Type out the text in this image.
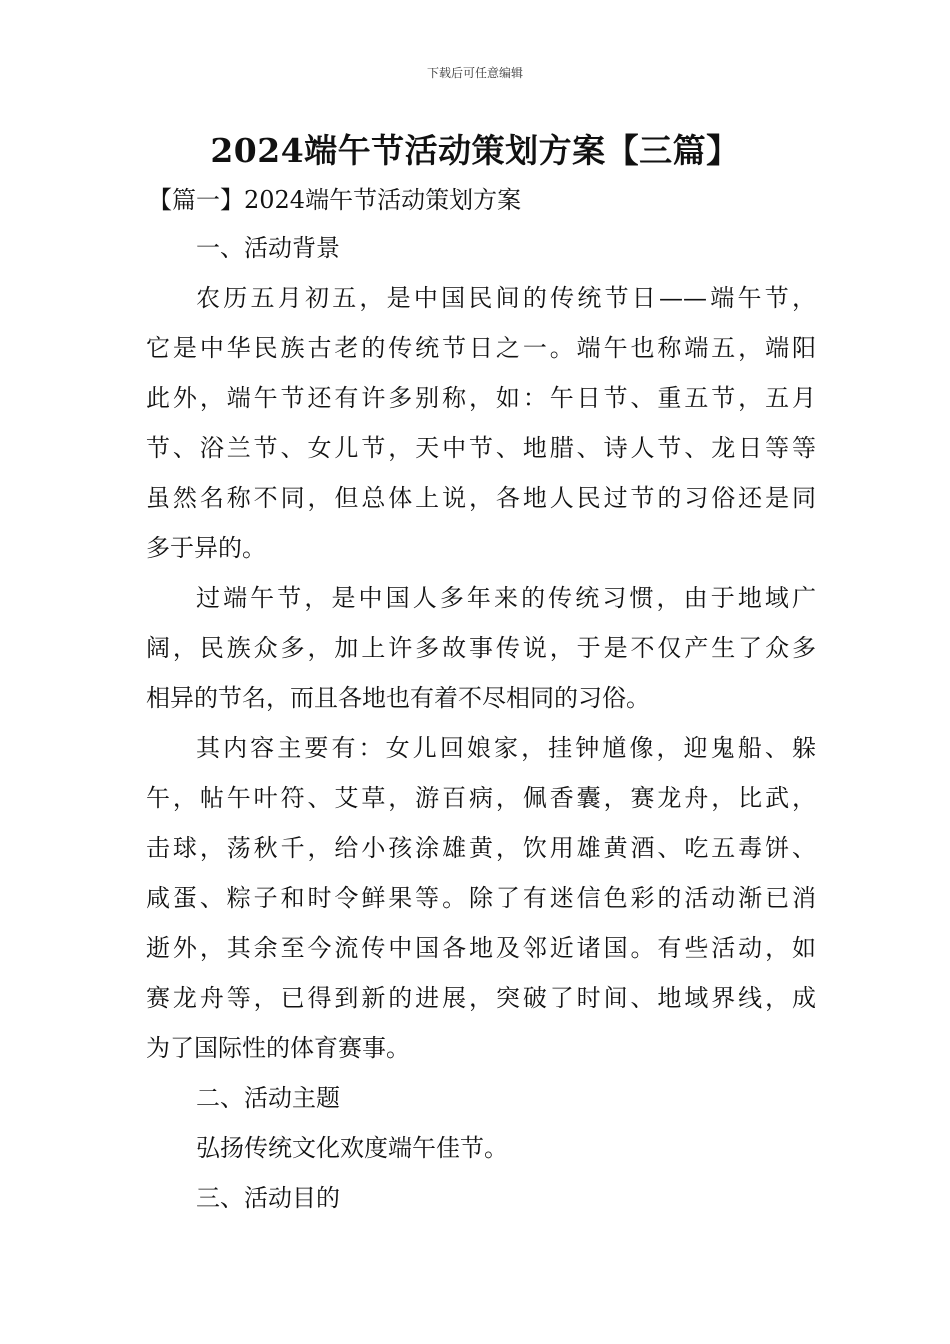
下载后可任意编辑
2024端午节活动策划方案【三篇】
【篇一】2024端午节活动策划方案
一、活动背景
农历五月初五，是中国民间的传统节日——端午节，
它是中华民族古老的传统节日之一。端午也称端五，端阳
此外，端午节还有许多别称，如：午日节、重五节，五月
节、浴兰节、女儿节，天中节、地腊、诗人节、龙日等等
虽然名称不同，但总体上说，各地人民过节的习俗还是同
多于异的。
过端午节，是中国人多年来的传统习惯，由于地域广
阔，民族众多，加上许多故事传说，于是不仅产生了众多
相异的节名，而且各地也有着不尽相同的习俗。
其内容主要有：女儿回娘家，挂钟馗像，迎鬼船、躲
午，帖午叶符、艾草，游百病，佩香囊，赛龙舟，比武，
击球，荡秋千，给小孩涂雄黄，饮用雄黄酒、吃五毒饼、
咸蛋、粽子和时令鲜果等。除了有迷信色彩的活动渐已消
逝外，其余至今流传中国各地及邻近诸国。有些活动，如
赛龙舟等，已得到新的进展，突破了时间、地域界线，成
为了国际性的体育赛事。
二、活动主题
弘扬传统文化欢度端午佳节。
三、活动目的
